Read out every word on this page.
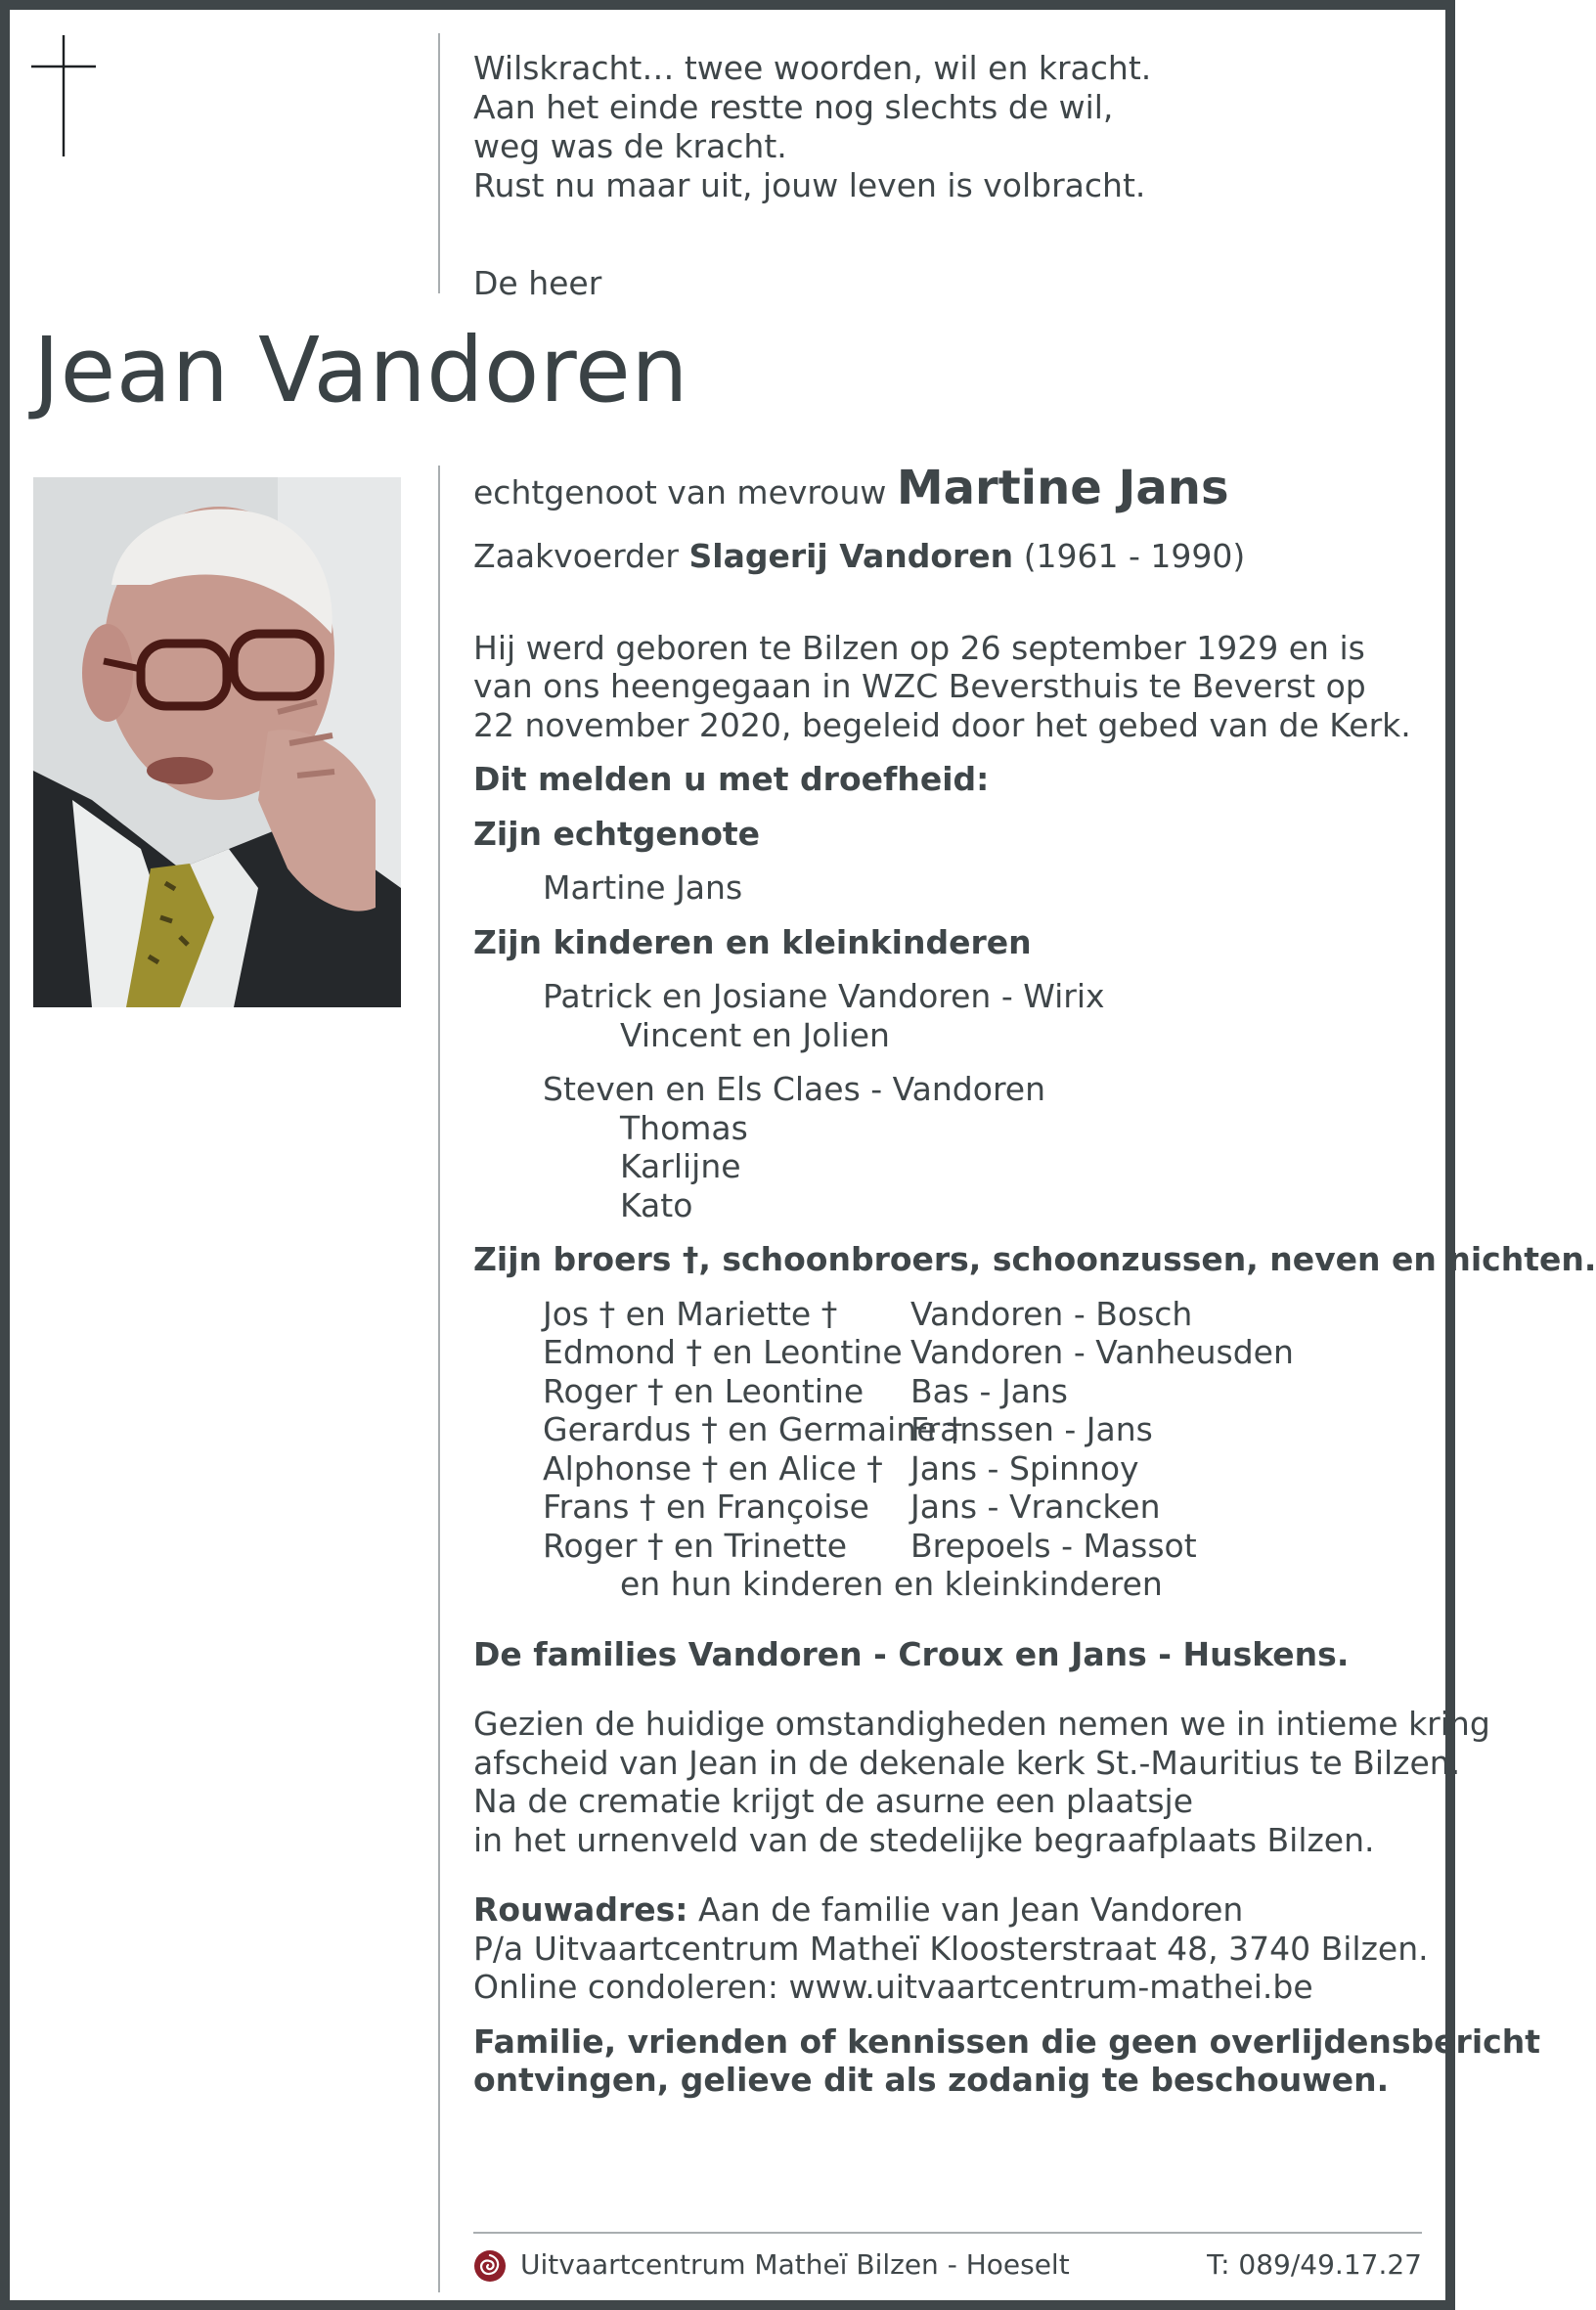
Wilskracht… twee woorden, wil en kracht.
Aan het einde restte nog slechts de wil,
weg was de kracht.
Rust nu maar uit, jouw leven is volbracht.
De heer
Jean Vandoren
echtgenoot van mevrouw Martine Jans
Zaakvoerder Slagerij Vandoren (1961 - 1990)
Hij werd geboren te Bilzen op 26 september 1929 en is
van ons heengegaan in WZC Beversthuis te Beverst op
22 november 2020, begeleid door het gebed van de Kerk.
Dit melden u met droefheid:
Zijn echtgenote
Martine Jans
Zijn kinderen en kleinkinderen
Patrick en Josiane Vandoren - Wirix
Vincent en Jolien
Steven en Els Claes - Vandoren
Thomas
Karlijne
Kato
Zijn broers †, schoonbroers, schoonzussen, neven en nichten.
Jos † en Mariette † Vandoren - Bosch
Edmond † en Leontine Vandoren - Vanheusden
Roger † en Leontine Bas - Jans
Gerardus † en Germaine †Franssen - Jans
Alphonse † en Alice † Jans - Spinnoy
Frans † en Françoise Jans - Vrancken
Roger † en Trinette Brepoels - Massot
en hun kinderen en kleinkinderen
De families Vandoren - Croux en Jans - Huskens.
Gezien de huidige omstandigheden nemen we in intieme kring
afscheid van Jean in de dekenale kerk St.-Mauritius te Bilzen.
Na de crematie krijgt de asurne een plaatsje
in het urnenveld van de stedelijke begraafplaats Bilzen.
Rouwadres: Aan de familie van Jean Vandoren
P/a Uitvaartcentrum Matheï Kloosterstraat 48, 3740 Bilzen.
Online condoleren: www.uitvaartcentrum-mathei.be
Familie, vrienden of kennissen die geen overlijdensbericht
ontvingen, gelieve dit als zodanig te beschouwen.
Uitvaartcentrum Matheï Bilzen - Hoeselt	T: 089/49.17.27
